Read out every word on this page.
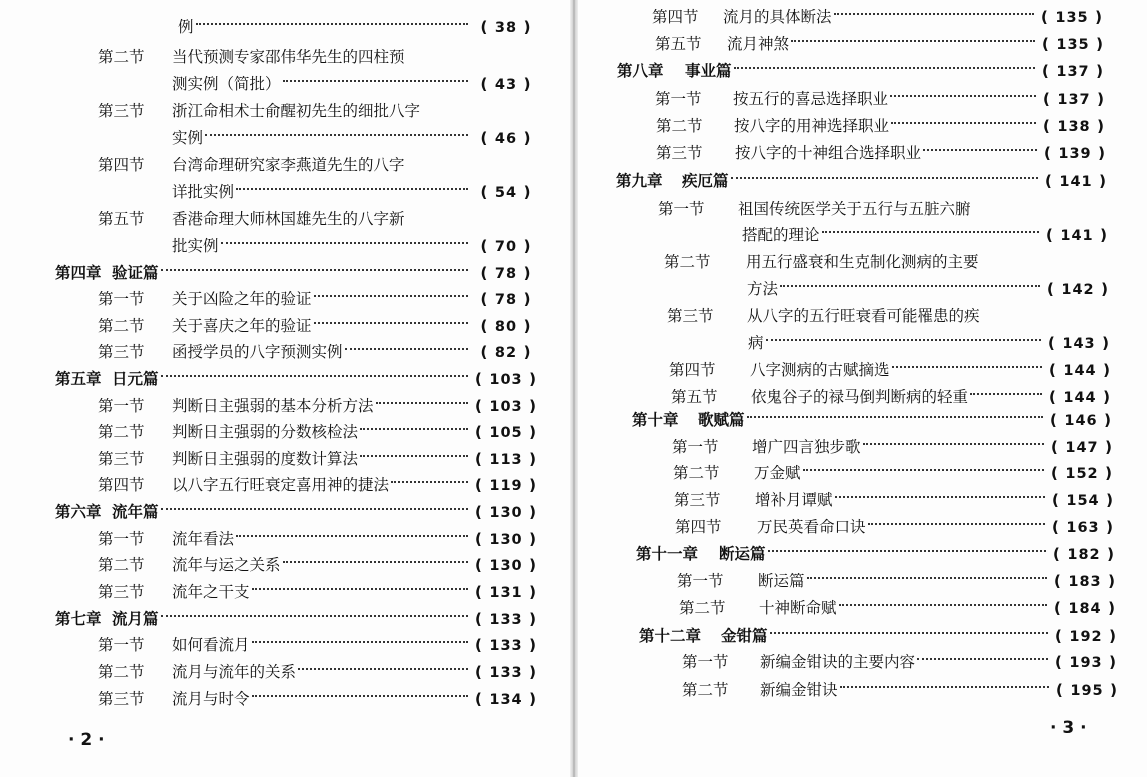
例	( 38 )
第二节 当代预测专家邵伟华先生的四柱预
测实例（简批）	( 43 )
第三节 浙江命相术士俞醒初先生的细批八字
实例	( 46 )
第四节 台湾命理研究家李燕道先生的八字
详批实例	( 54 )
第五节 香港命理大师林国雄先生的八字新
批实例	( 70 )
第四章 验证篇	( 78 )
第一节 关于凶险之年的验证	( 78 )
第二节 关于喜庆之年的验证	( 80 )
第三节 函授学员的八字预测实例	( 82 )
第五章 日元篇	( 103 )
第一节 判断日主强弱的基本分析方法	( 103 )
第二节 判断日主强弱的分数核检法	( 105 )
第三节 判断日主强弱的度数计算法	( 113 )
第四节 以八字五行旺衰定喜用神的捷法	( 119 )
第六章 流年篇	( 130 )
第一节 流年看法	( 130 )
第二节 流年与运之关系	( 130 )
第三节 流年之干支	( 131 )
第七章 流月篇	( 133 )
第一节 如何看流月	( 133 )
第二节 流月与流年的关系	( 133 )
第三节 流月与时令	( 134 )
第四节 流月的具体断法	( 135 )
第五节 流月神煞	( 135 )
第八章 事业篇	( 137 )
第一节 按五行的喜忌选择职业	( 137 )
第二节 按八字的用神选择职业	( 138 )
第三节 按八字的十神组合选择职业	( 139 )
第九章 疾厄篇	( 141 )
第一节 祖国传统医学关于五行与五脏六腑
搭配的理论	( 141 )
第二节 用五行盛衰和生克制化测病的主要
方法	( 142 )
第三节 从八字的五行旺衰看可能罹患的疾
病	( 143 )
第四节 八字测病的古赋摘选	( 144 )
第五节 依鬼谷子的禄马倒判断病的轻重	( 144 )
第十章 歌赋篇	( 146 )
第一节 增广四言独步歌	( 147 )
第二节 万金赋	( 152 )
第三节 增补月谭赋	( 154 )
第四节 万民英看命口诀	( 163 )
第十一章 断运篇	( 182 )
第一节 断运篇	( 183 )
第二节 十神断命赋	( 184 )
第十二章 金钳篇	( 192 )
第一节 新编金钳诀的主要内容	( 193 )
第二节 新编金钳诀	( 195 )
· 2 ·
· 3 ·
